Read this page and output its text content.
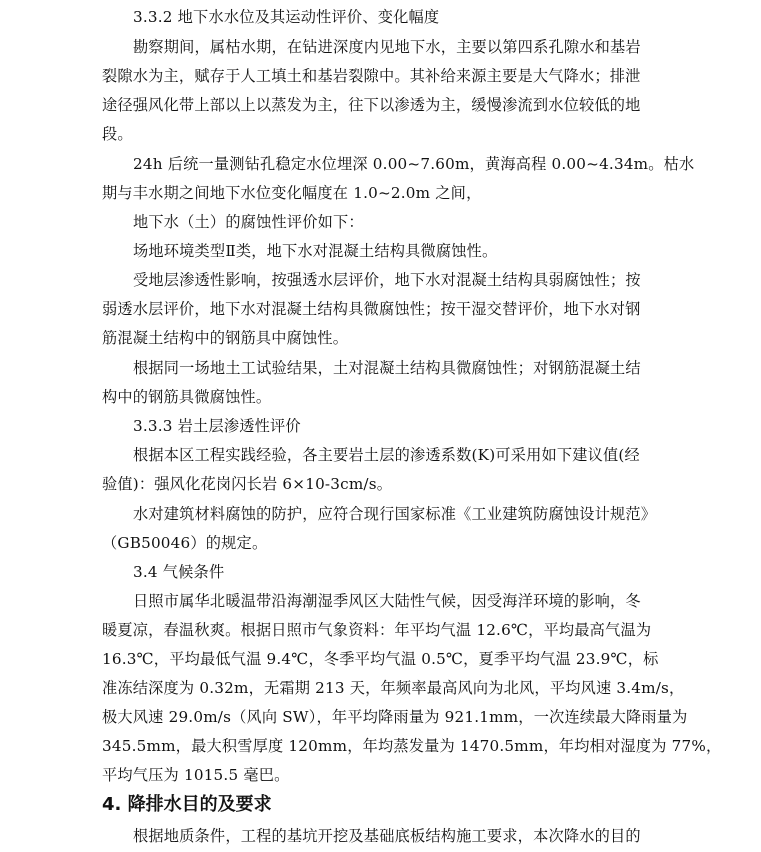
3.3.2 地下水水位及其运动性评价、变化幅度
勘察期间，属枯水期，在钻进深度内见地下水，主要以第四系孔隙水和基岩
裂隙水为主，赋存于人工填土和基岩裂隙中。其补给来源主要是大气降水；排泄
途径强风化带上部以上以蒸发为主，往下以渗透为主，缓慢渗流到水位较低的地
段。
24h 后统一量测钻孔稳定水位埋深 0.00~7.60m，黄海高程 0.00~4.34m。枯水
期与丰水期之间地下水位变化幅度在 1.0~2.0m 之间，
地下水（土）的腐蚀性评价如下：
场地环境类型Ⅱ类，地下水对混凝土结构具微腐蚀性。
受地层渗透性影响，按强透水层评价，地下水对混凝土结构具弱腐蚀性；按
弱透水层评价，地下水对混凝土结构具微腐蚀性；按干湿交替评价，地下水对钢
筋混凝土结构中的钢筋具中腐蚀性。
根据同一场地土工试验结果，土对混凝土结构具微腐蚀性；对钢筋混凝土结
构中的钢筋具微腐蚀性。
3.3.3 岩土层渗透性评价
根据本区工程实践经验，各主要岩土层的渗透系数(K)可采用如下建议值(经
验值)：强风化花岗闪长岩 6×10-3cm/s。
水对建筑材料腐蚀的防护，应符合现行国家标准《工业建筑防腐蚀设计规范》
（GB50046）的规定。
3.4 气候条件
日照市属华北暖温带沿海潮湿季风区大陆性气候，因受海洋环境的影响，冬
暖夏凉，春温秋爽。根据日照市气象资料：年平均气温 12.6℃，平均最高气温为
16.3℃，平均最低气温 9.4℃，冬季平均气温 0.5℃，夏季平均气温 23.9℃，标
准冻结深度为 0.32m，无霜期 213 天，年频率最高风向为北风，平均风速 3.4m/s，
极大风速 29.0m/s（风向 SW），年平均降雨量为 921.1mm，一次连续最大降雨量为
345.5mm，最大积雪厚度 120mm，年均蒸发量为 1470.5mm，年均相对湿度为 77%，
平均气压为 1015.5 毫巴。
4. 降排水目的及要求
根据地质条件，工程的基坑开挖及基础底板结构施工要求，本次降水的目的
